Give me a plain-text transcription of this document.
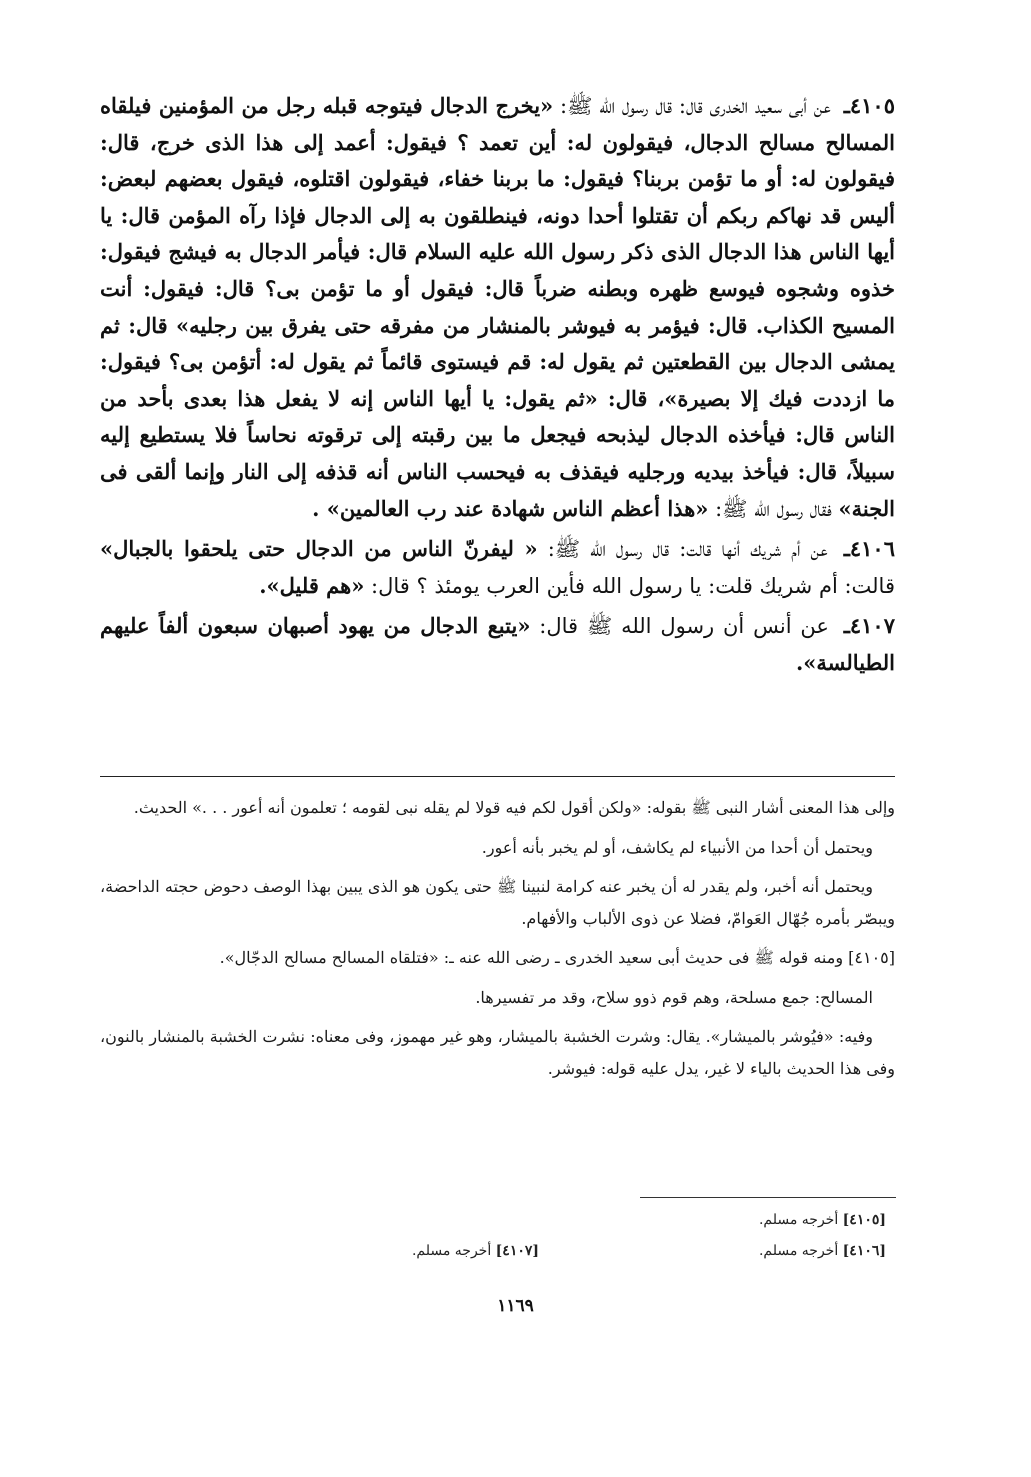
٤١٠٥ـ عن أبى سعيد الخدرى قال: قال رسول الله ﷺ: «يخرج الدجال فيتوجه قبله رجل من المؤمنين فيلقاه المسالح مسالح الدجال، فيقولون له: أين تعمد ؟ فيقول: أعمد إلى هذا الذى خرج، قال: فيقولون له: أو ما تؤمن بربنا؟ فيقول: ما بربنا خفاء، فيقولون اقتلوه، فيقول بعضهم لبعض: أليس قد نهاكم ربكم أن تقتلوا أحدا دونه، فينطلقون به إلى الدجال فإذا رآه المؤمن قال: يا أيها الناس هذا الدجال الذى ذكر رسول الله عليه السلام قال: فيأمر الدجال به فيشج فيقول: خذوه وشجوه فيوسع ظهره وبطنه ضرباً قال: فيقول أو ما تؤمن بى؟ قال: فيقول: أنت المسيح الكذاب. قال: فيؤمر به فيوشر بالمنشار من مفرقه حتى يفرق بين رجليه» قال: ثم يمشى الدجال بين القطعتين ثم يقول له: قم فيستوى قائماً ثم يقول له: أتؤمن بى؟ فيقول: ما ازددت فيك إلا بصيرة»، قال: «ثم يقول: يا أيها الناس إنه لا يفعل هذا بعدى بأحد من الناس قال: فيأخذه الدجال ليذبحه فيجعل ما بين رقبته إلى ترقوته نحاساً فلا يستطيع إليه سبيلاً، قال: فيأخذ بيديه ورجليه فيقذف به فيحسب الناس أنه قذفه إلى النار وإنما ألقى فى الجنة» فقال رسول الله ﷺ: «هذا أعظم الناس شهادة عند رب العالمين» .

٤١٠٦ـ عن أم شريك أنها قالت: قال رسول الله ﷺ: « ليفرنّ الناس من الدجال حتى يلحقوا بالجبال» قالت: أم شريك قلت: يا رسول الله فأين العرب يومئذ ؟ قال: «هم قليل».

٤١٠٧ـ عن أنس أن رسول الله ﷺ قال: «يتبع الدجال من يهود أصبهان سبعون ألفاً عليهم الطيالسة».

وإلى هذا المعنى أشار النبى ﷺ بقوله: «ولكن أقول لكم فيه قولا لم يقله نبى لقومه ؛ تعلمون أنه أعور . . .» الحديث.

ويحتمل أن أحدا من الأنبياء لم يكاشف، أو لم يخبر بأنه أعور.

ويحتمل أنه أخبر، ولم يقدر له أن يخبر عنه كرامة لنبينا ﷺ حتى يكون هو الذى يبين بهذا الوصف دحوض حجته الداحضة، ويبصّر بأمره جُهّال العَوامّ، فضلا عن ذوى الألباب والأفهام.

[٤١٠٥] ومنه قوله ﷺ فى حديث أبى سعيد الخدرى ـ رضى الله عنه ـ: «فتلقاه المسالح مسالح الدجّال».

المسالح: جمع مسلحة، وهم قوم ذوو سلاح، وقد مر تفسيرها.

وفيه: «فيُوشر بالميشار». يقال: وشرت الخشبة بالميشار، وهو غير مهموز، وفى معناه: نشرت الخشبة بالمنشار بالنون، وفى هذا الحديث بالياء لا غير، يدل عليه قوله: فيوشر.

[٤١٠٥] أخرجه مسلم.
[٤١٠٦] أخرجه مسلم.
[٤١٠٧] أخرجه مسلم.
١١٦٩
